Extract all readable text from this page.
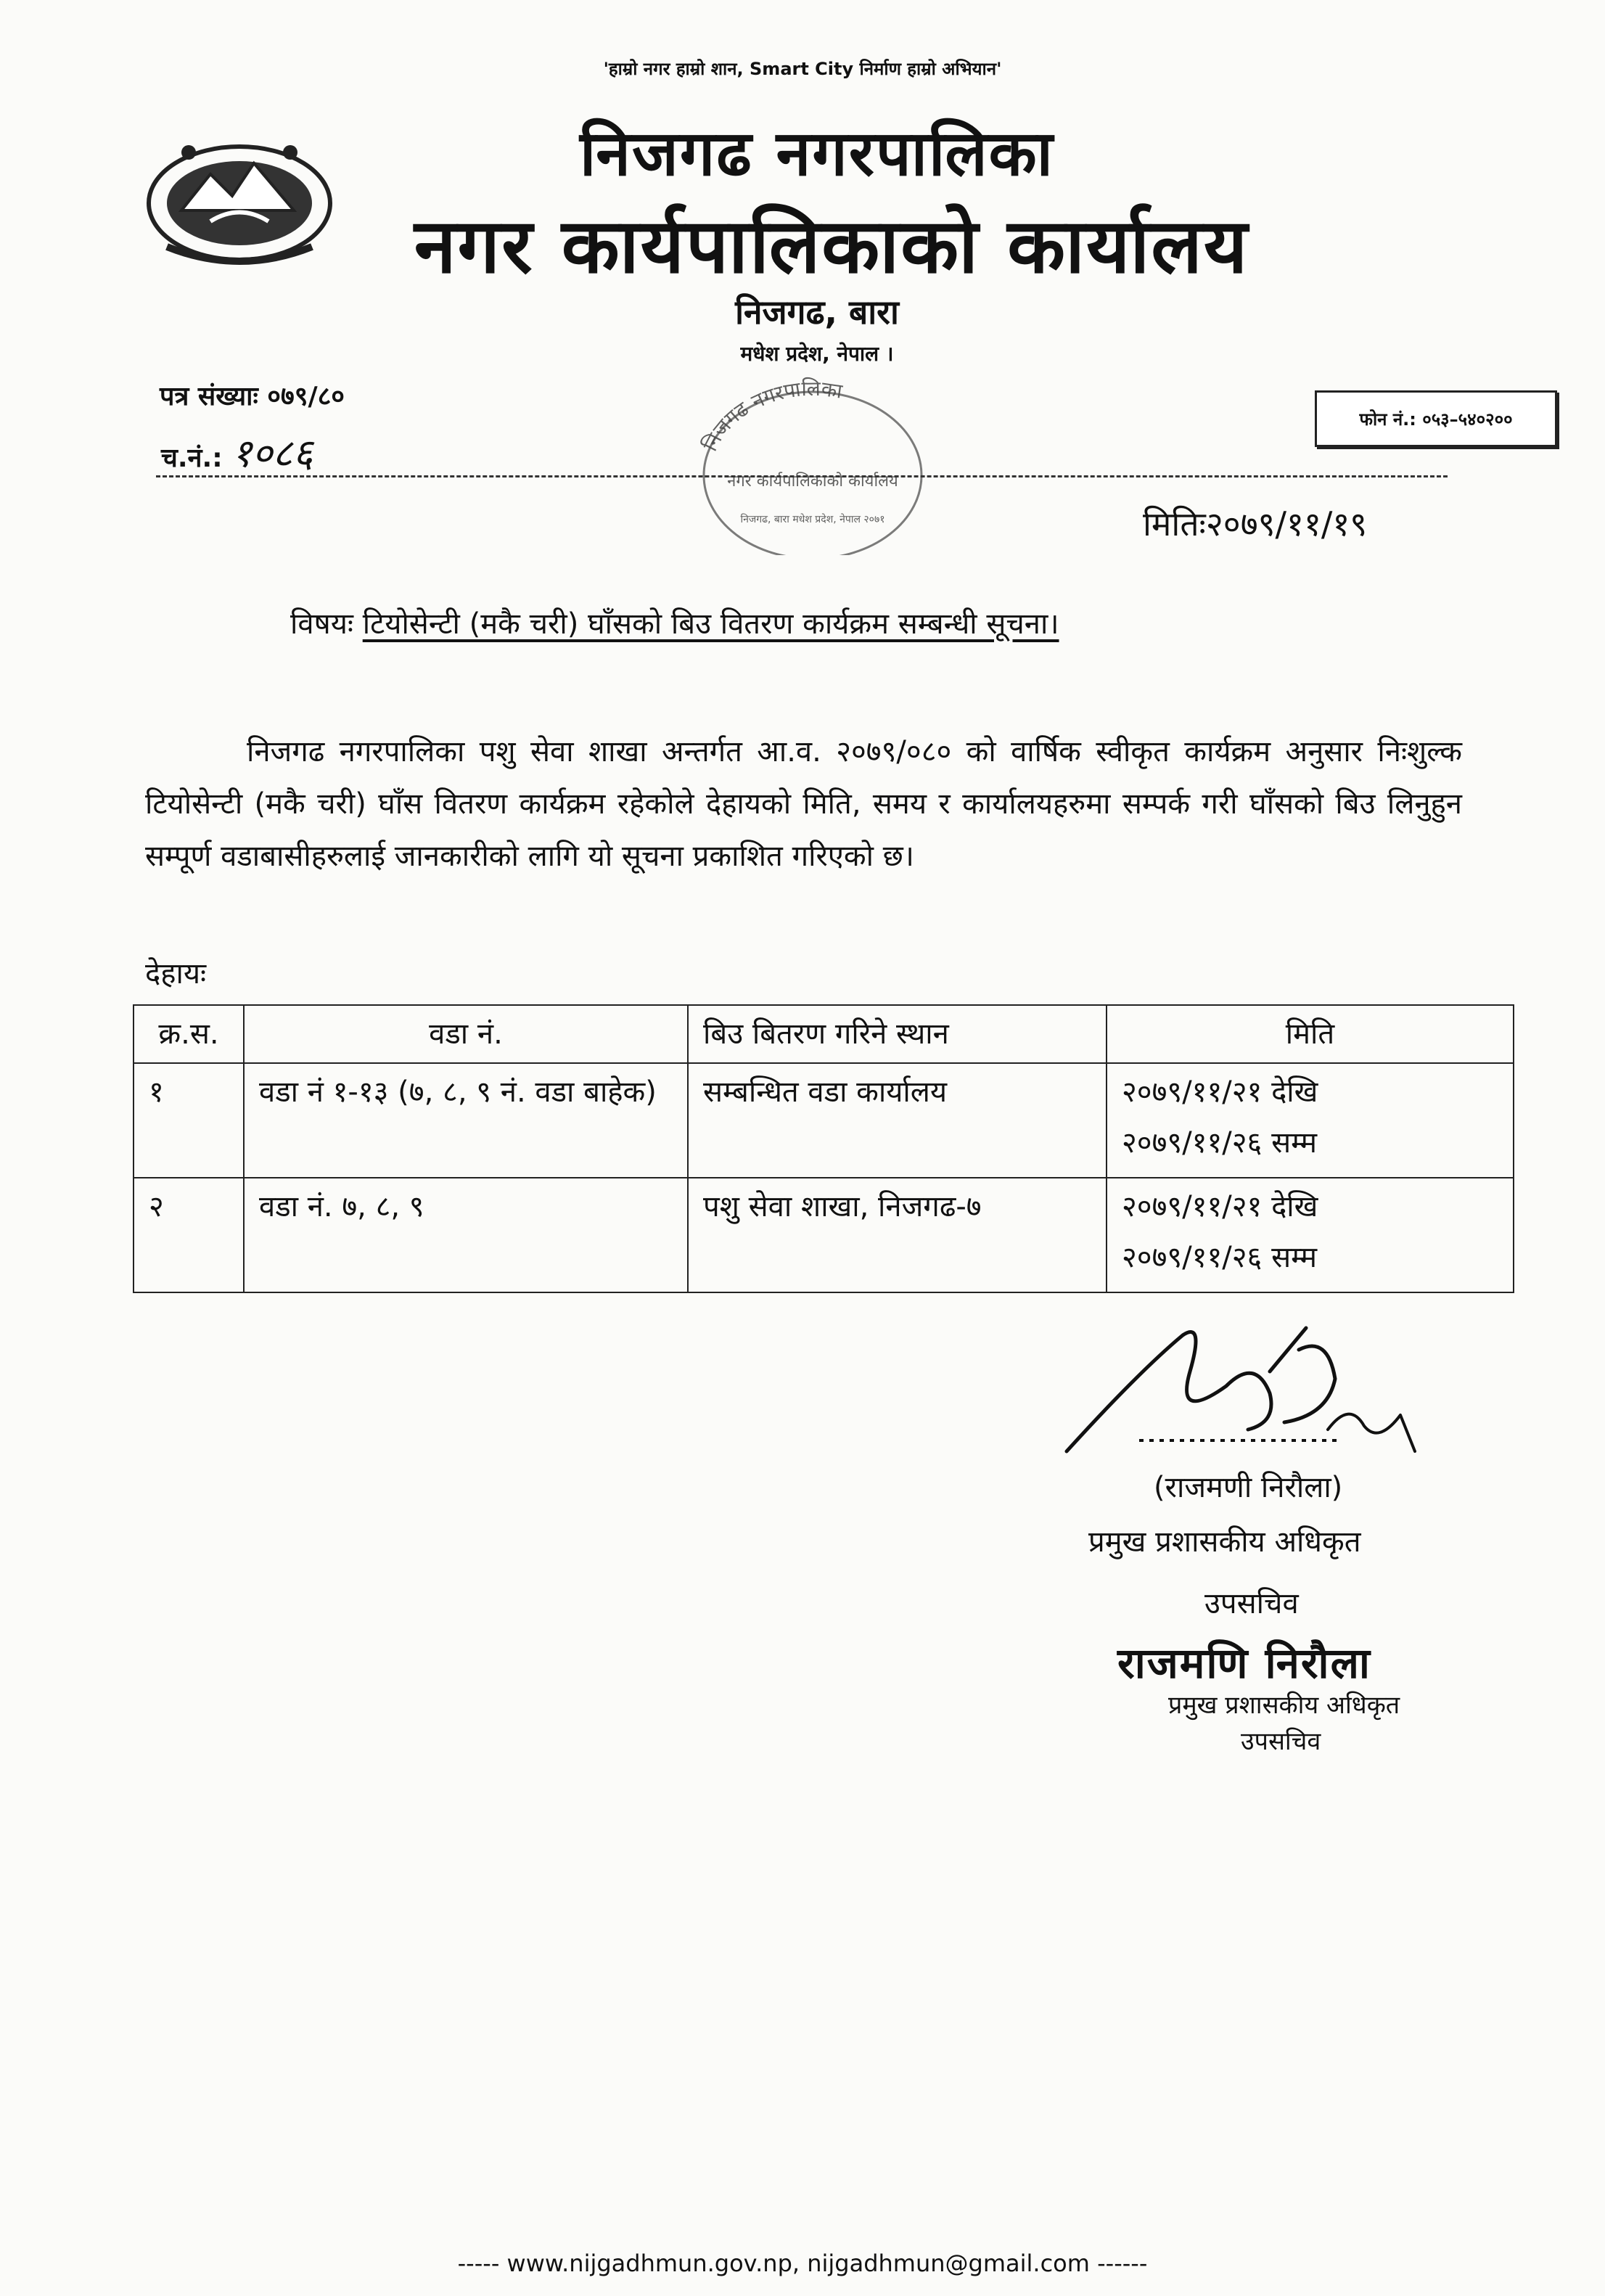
'हाम्रो नगर हाम्रो शान, Smart City निर्माण हाम्रो अभियान'
निजगढ नगरपालिका
नगर कार्यपालिकाको कार्यालय
निजगढ, बारा
मधेश प्रदेश, नेपाल ।
पत्र संख्याः ०७९/८०
च.नं.: १०८६
फोन नं.: ०५३–५४०२००
निजगढ नगरपालिका
नगर कार्यपालिकाको कार्यालय
निजगढ, बारा मधेश प्रदेश, नेपाल २०७१	मितिः२०७९/११/१९
विषयः टियोसेन्टी (मकै चरी) घाँसको बिउ वितरण कार्यक्रम सम्बन्धी सूचना।
निजगढ नगरपालिका पशु सेवा शाखा अन्तर्गत आ.व. २०७९/०८० को वार्षिक स्वीकृत कार्यक्रम अनुसार निःशुल्क टियोसेन्टी (मकै चरी) घाँस वितरण कार्यक्रम रहेकोले देहायको मिति, समय र कार्यालयहरुमा सम्पर्क गरी घाँसको बिउ लिनुहुन सम्पूर्ण वडाबासीहरुलाई जानकारीको लागि यो सूचना प्रकाशित गरिएको छ।
देहायः
क्र.स.	वडा नं.	बिउ बितरण गरिने स्थान	मिति
१	वडा नं १-१३ (७, ८, ९ नं. वडा बाहेक)	सम्बन्धित वडा कार्यालय	२०७९/११/२१ देखि
२०७९/११/२६ सम्म

२	वडा नं. ७, ८, ९	पशु सेवा शाखा, निजगढ-७	२०७९/११/२१ देखि
२०७९/११/२६ सम्म
(राजमणी निरौला)
प्रमुख प्रशासकीय अधिकृत
उपसचिव
राजमणि निरौला
प्रमुख प्रशासकीय अधिकृत
उपसचिव
----- www.nijgadhmun.gov.np, nijgadhmun@gmail.com ------
